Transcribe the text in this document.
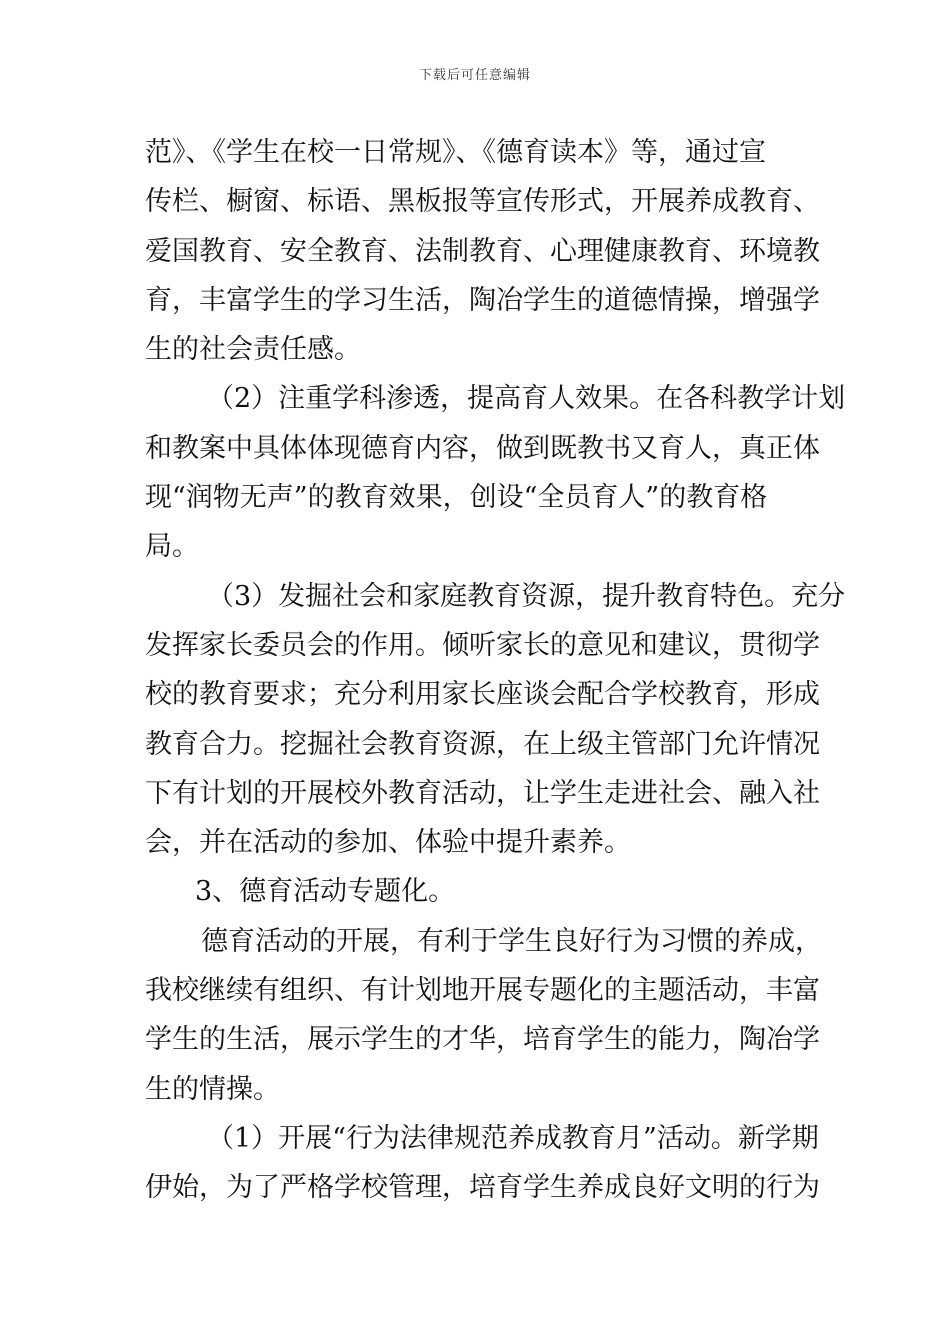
下载后可任意编辑
范》、《学生在校一日常规》、《德育读本》等，通过宣
传栏、橱窗、标语、黑板报等宣传形式，开展养成教育、
爱国教育、安全教育、法制教育、心理健康教育、环境教
育，丰富学生的学习生活，陶冶学生的道德情操，增强学
生的社会责任感。
（2）注重学科渗透，提高育人效果。在各科教学计划
和教案中具体体现德育内容，做到既教书又育人，真正体
现“润物无声”的教育效果，创设“全员育人”的教育格
局。
（3）发掘社会和家庭教育资源，提升教育特色。充分
发挥家长委员会的作用。倾听家长的意见和建议，贯彻学
校的教育要求；充分利用家长座谈会配合学校教育，形成
教育合力。挖掘社会教育资源，在上级主管部门允许情况
下有计划的开展校外教育活动，让学生走进社会、融入社
会，并在活动的参加、体验中提升素养。
3、德育活动专题化。
德育活动的开展，有利于学生良好行为习惯的养成，
我校继续有组织、有计划地开展专题化的主题活动，丰富
学生的生活，展示学生的才华，培育学生的能力，陶冶学
生的情操。
（1）开展“行为法律规范养成教育月”活动。新学期
伊始，为了严格学校管理，培育学生养成良好文明的行为
